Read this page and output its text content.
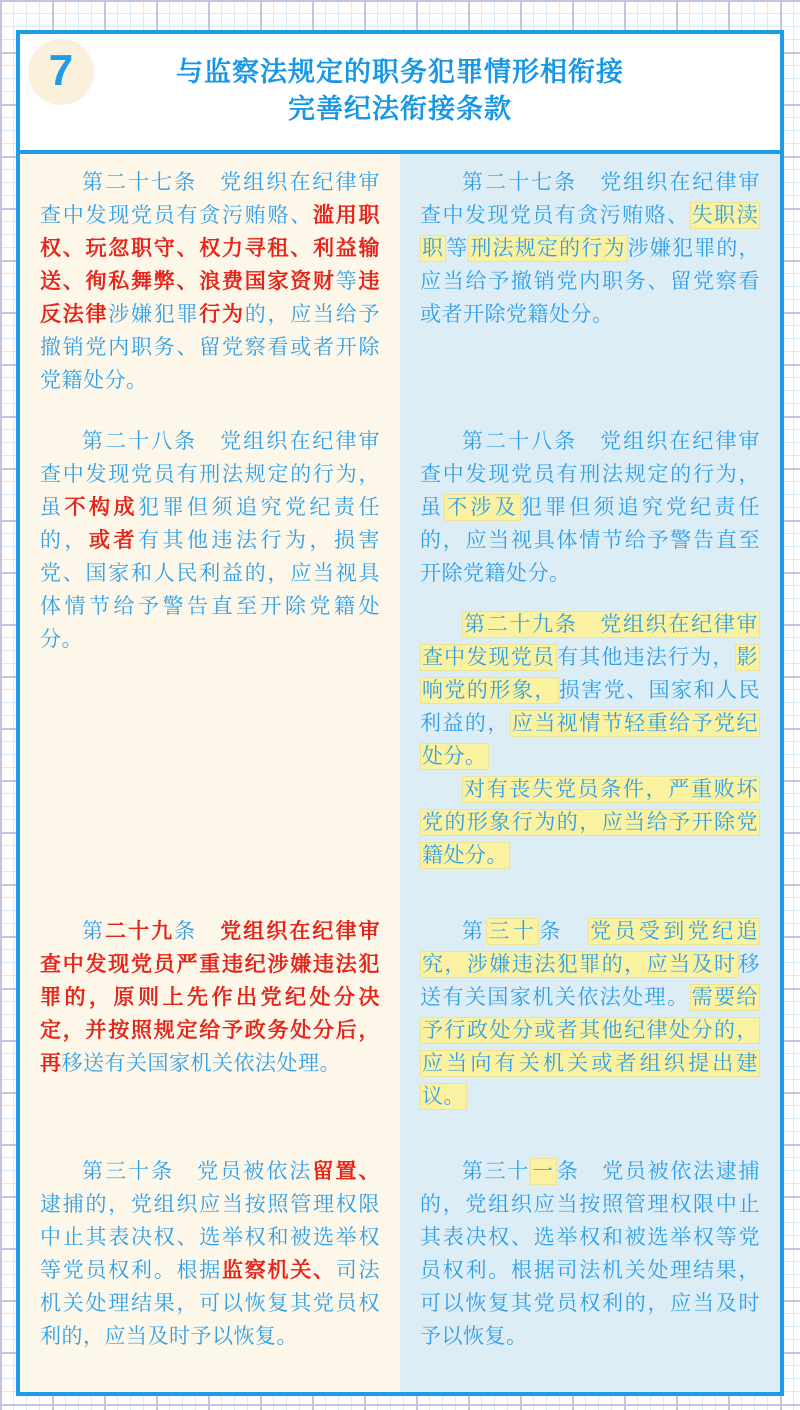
7	与监察法规定的职务犯罪情形相衔接
完善纪法衔接条款

第二十七条　党组织在纪律审查中发现党员有贪污贿赂、滥用职权、玩忽职守、权力寻租、利益输送、徇私舞弊、浪费国家资财等违反法律涉嫌犯罪行为的，应当给予撤销党内职务、留党察看或者开除党籍处分。

第二十七条　党组织在纪律审查中发现党员有贪污贿赂、失职渎职等刑法规定的行为涉嫌犯罪的，应当给予撤销党内职务、留党察看或者开除党籍处分。

第二十八条　党组织在纪律审查中发现党员有刑法规定的行为，虽不构成犯罪但须追究党纪责任的，或者有其他违法行为，损害党、国家和人民利益的，应当视具体情节给予警告直至开除党籍处分。

第二十八条　党组织在纪律审查中发现党员有刑法规定的行为，虽不涉及犯罪但须追究党纪责任的，应当视具体情节给予警告直至开除党籍处分。

第二十九条　党组织在纪律审查中发现党员有其他违法行为，影响党的形象，损害党、国家和人民利益的，应当视情节轻重给予党纪处分。

对有丧失党员条件，严重败坏党的形象行为的，应当给予开除党籍处分。

第二十九条　党组织在纪律审查中发现党员严重违纪涉嫌违法犯罪的，原则上先作出党纪处分决定，并按照规定给予政务处分后，再移送有关国家机关依法处理。

第三十条　党员受到党纪追究，涉嫌违法犯罪的，应当及时移送有关国家机关依法处理。需要给予行政处分或者其他纪律处分的，应当向有关机关或者组织提出建议。

第三十条　党员被依法留置、逮捕的，党组织应当按照管理权限中止其表决权、选举权和被选举权等党员权利。根据监察机关、司法机关处理结果，可以恢复其党员权利的，应当及时予以恢复。

第三十一条　党员被依法逮捕的，党组织应当按照管理权限中止其表决权、选举权和被选举权等党员权利。根据司法机关处理结果，可以恢复其党员权利的，应当及时予以恢复。
